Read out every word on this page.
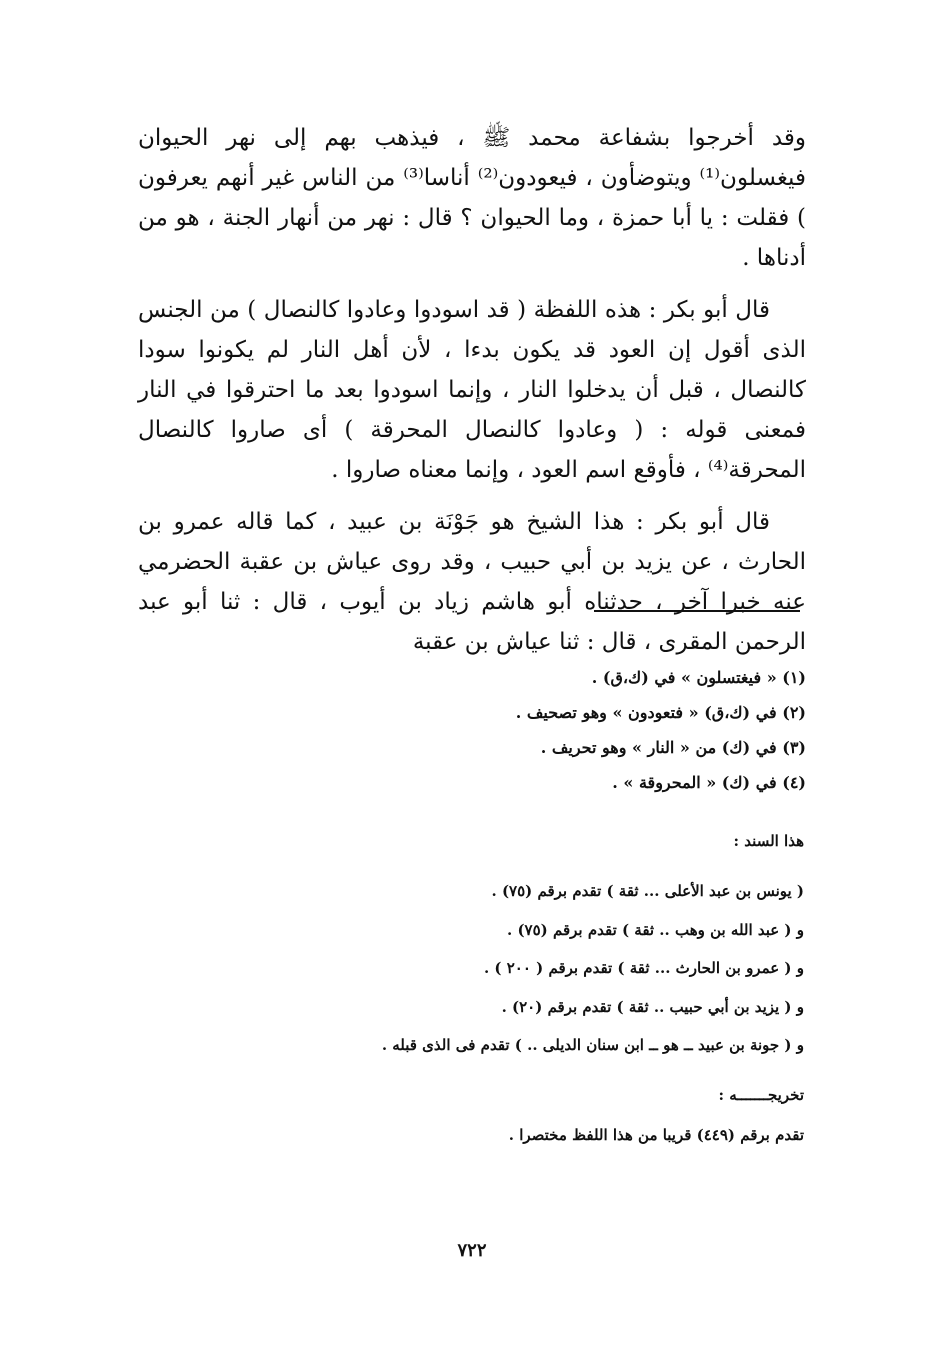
وقد أخرجوا بشفاعة محمد ﷺ ، فيذهب بهم إلى نهر الحيوان فيغسلون⁽¹⁾ ويتوضأون ، فيعودون⁽²⁾ أناسا⁽³⁾ من الناس غير أنهم يعرفون ) فقلت : يا أبا حمزة ، وما الحيوان ؟ قال : نهر من أنهار الجنة ، هو من أدناها .

قال أبو بكر : هذه اللفظة ( قد اسودوا وعادوا كالنصال ) من الجنس الذى أقول إن العود قد يكون بدءا ، لأن أهل النار لم يكونوا سودا كالنصال ، قبل أن يدخلوا النار ، وإنما اسودوا بعد ما احترقوا في النار فمعنى قوله : ( وعادوا كالنصال المحرقة ) أى صاروا كالنصال المحرقة⁽⁴⁾ ، فأوقع اسم العود ، وإنما معناه صاروا .

قال أبو بكر : هذا الشيخ هو جَوْنَة بن عبيد ، كما قاله عمرو بن الحارث ، عن يزيد بن أبي حبيب ، وقد روى عياش بن عقبة الحضرمي عنه خبرا آخر ، حدثناه أبو هاشم زياد بن أيوب ، قال : ثنا أبو عبد الرحمن المقرى ، قال : ثنا عياش بن عقبة

(١) « فيغتسلون » في (ك،ق) .
(٢) في (ك،ق) « فتعودون » وهو تصحيف .
(٣) في (ك) من « النار » وهو تحريف .
(٤) في (ك) « المحروقة » .
هذا السند :
( يونس بن عبد الأعلى ... ثقة ) تقدم برقم (٧٥) .
و ( عبد الله بن وهب .. ثقة ) تقدم برقم (٧٥) .
و ( عمرو بن الحارث ... ثقة ) تقدم برقم ( ٢٠٠ ) .
و ( يزيد بن أبي حبيب .. ثقة ) تقدم برقم (٢٠) .
و ( جونة بن عبيد ــ هو ــ ابن سنان الديلى .. ) تقدم فى الذى قبله .
تخريجـــــــه :
تقدم برقم (٤٤٩) قريبا من هذا اللفظ مختصرا .
٧٢٢
